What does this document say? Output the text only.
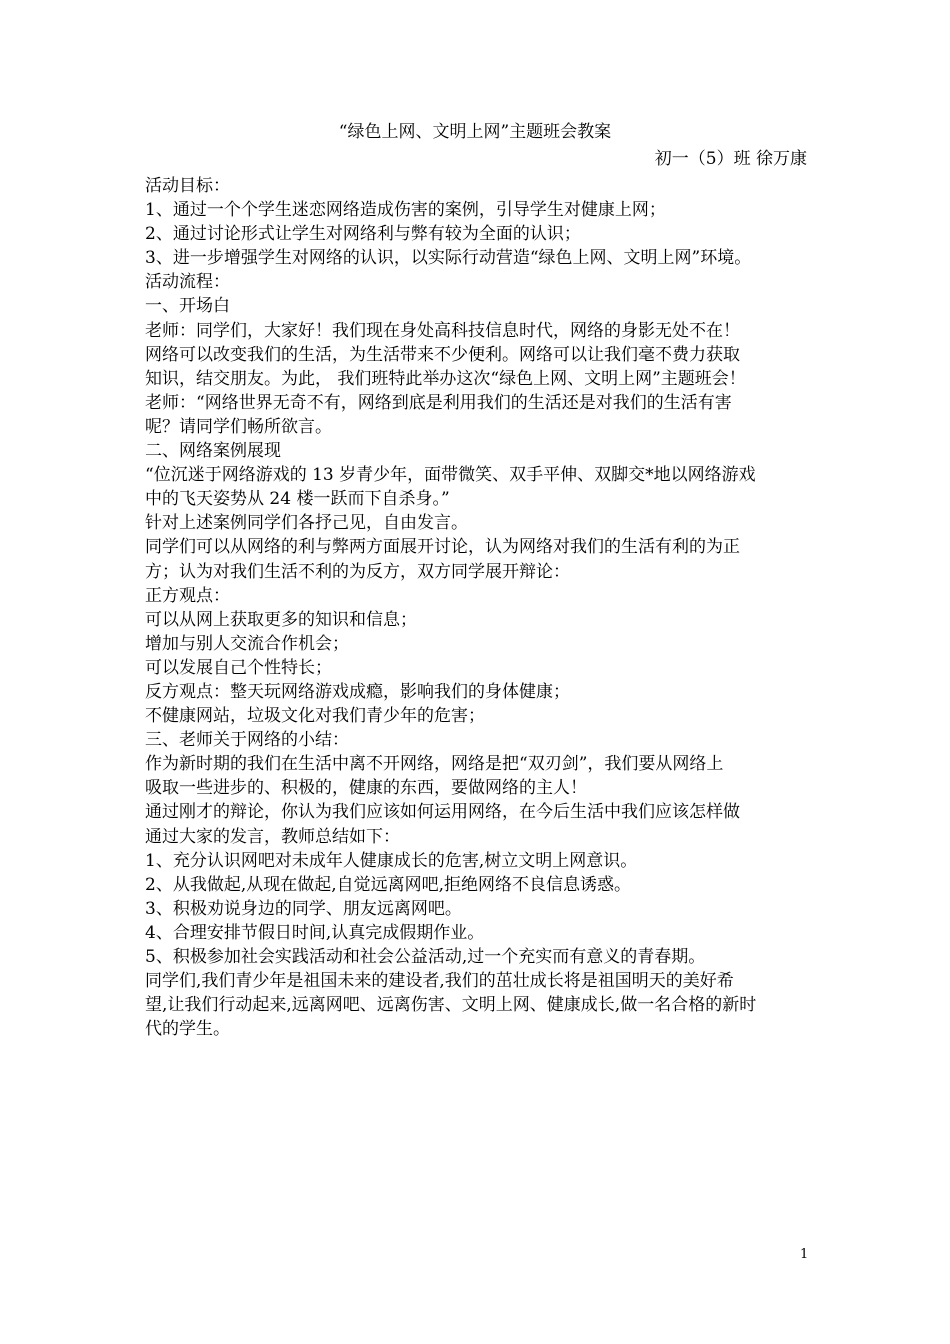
“绿色上网、文明上网”主题班会教案
初一（5）班 徐万康

活动目标：

1、通过一个个学生迷恋网络造成伤害的案例，引导学生对健康上网；

2、通过讨论形式让学生对网络利与弊有较为全面的认识；

3、进一步增强学生对网络的认识，以实际行动营造“绿色上网、文明上网”环境。

活动流程：

一、开场白

老师：同学们，大家好！我们现在身处高科技信息时代，网络的身影无处不在！

网络可以改变我们的生活，为生活带来不少便利。网络可以让我们毫不费力获取

知识，结交朋友。为此， 我们班特此举办这次“绿色上网、文明上网”主题班会！

老师：“网络世界无奇不有，网络到底是利用我们的生活还是对我们的生活有害

呢？请同学们畅所欲言。

二、网络案例展现

“位沉迷于网络游戏的 13 岁青少年，面带微笑、双手平伸、双脚交*地以网络游戏

中的飞天姿势从 24 楼一跃而下自杀身。”

针对上述案例同学们各抒己见，自由发言。

同学们可以从网络的利与弊两方面展开讨论，认为网络对我们的生活有利的为正

方；认为对我们生活不利的为反方，双方同学展开辩论：

正方观点：

可以从网上获取更多的知识和信息；

增加与别人交流合作机会；

可以发展自己个性特长；

反方观点：整天玩网络游戏成瘾，影响我们的身体健康；

不健康网站，垃圾文化对我们青少年的危害；

三、老师关于网络的小结：

作为新时期的我们在生活中离不开网络，网络是把“双刃剑”，我们要从网络上

吸取一些进步的、积极的，健康的东西，要做网络的主人！

通过刚才的辩论，你认为我们应该如何运用网络，在今后生活中我们应该怎样做

通过大家的发言，教师总结如下：

1、充分认识网吧对未成年人健康成长的危害,树立文明上网意识。

2、从我做起,从现在做起,自觉远离网吧,拒绝网络不良信息诱惑。

3、积极劝说身边的同学、朋友远离网吧。

4、合理安排节假日时间,认真完成假期作业。

5、积极参加社会实践活动和社会公益活动,过一个充实而有意义的青春期。

同学们,我们青少年是祖国未来的建设者,我们的茁壮成长将是祖国明天的美好希

望,让我们行动起来,远离网吧、远离伤害、文明上网、健康成长,做一名合格的新时

代的学生。

1
